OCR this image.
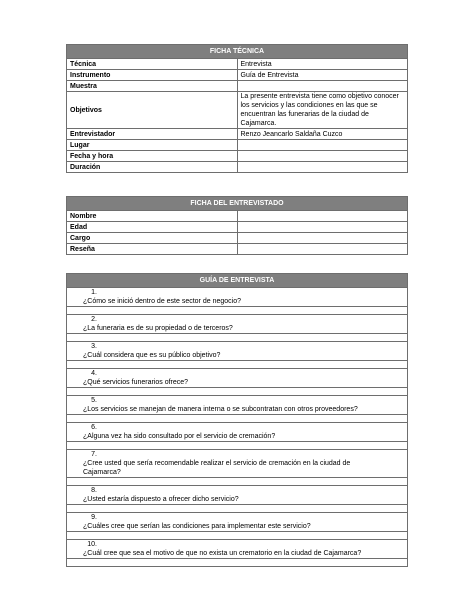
FICHA TÉCNICA	
Técnica	Entrevista
Instrumento	Guía de Entrevista
Muestra	
Objetivos	La presente entrevista tiene como objetivo conocer los servicios y las condiciones en las que se encuentran las funerarias de la ciudad de Cajamarca.
Entrevistador	Renzo Jeancarlo Saldaña Cuzco
Lugar	
Fecha y hora	
Duración	
FICHA DEL ENTREVISTADO	
Nombre	
Edad	
Cargo	
Reseña	
GUÍA DE ENTREVISTA
1.¿Cómo se inició dentro de este sector de negocio?

2.¿La funeraria es de su propiedad o de terceros?

3.¿Cuál considera que es su público objetivo?

4.¿Qué servicios funerarios ofrece?

5.¿Los servicios se manejan de manera interna o se subcontratan con otros proveedores?

6.¿Alguna vez ha sido consultado por el servicio de cremación?

7.¿Cree usted que sería recomendable realizar el servicio de cremación en la ciudad de Cajamarca?

8.¿Usted estaría dispuesto a ofrecer dicho servicio?

9.¿Cuáles cree que serían las condiciones para implementar este servicio?

10.¿Cuál cree que sea el motivo de que no exista un crematorio en la ciudad de Cajamarca?
